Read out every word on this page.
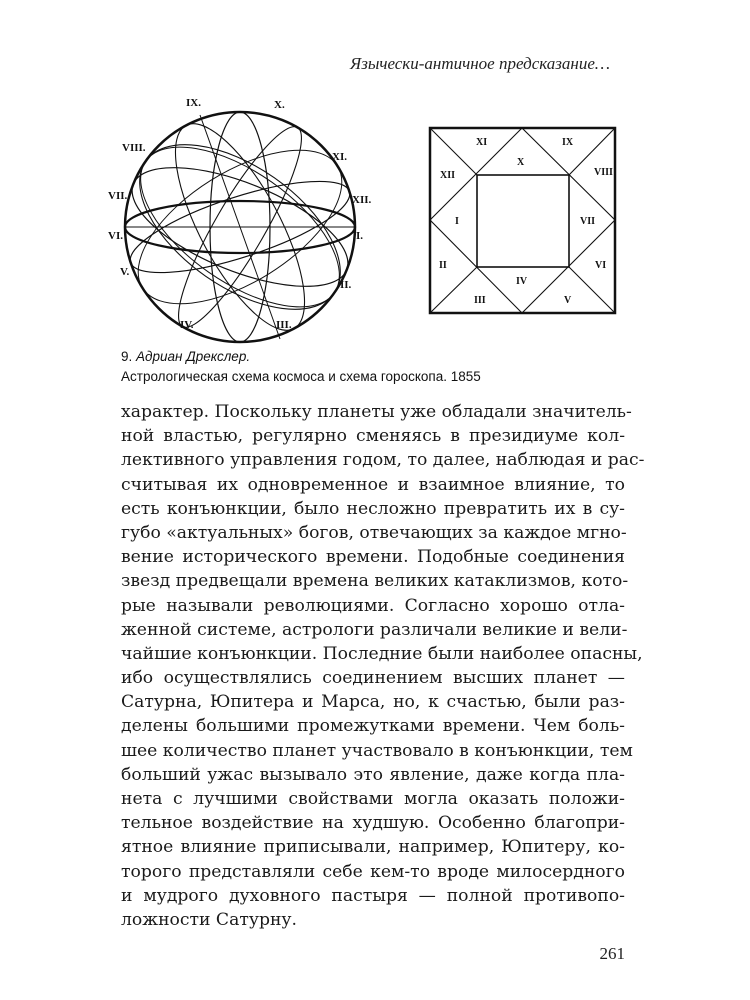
Язычески-античное предсказание…
IX.	X.
VIII.
XI.
VII.	XII.
VI.	I.
V.
II.
IV.	III.
XI	IX
XII
X
VIII
I	VII
II	VI
IV
III	V
9. Адриан Дрекслер.
Астрологическая схема космоса и схема гороскопа. 1855
характер. Поскольку планеты уже обладали значитель-
ной властью, регулярно сменяясь в президиуме кол-
лективного управления годом, то далее, наблюдая и рас-
считывая их одновременное и взаимное влияние, то
есть конъюнкции, было несложно превратить их в су-
губо «актуальных» богов, отвечающих за каждое мгно-
вение исторического времени. Подобные соединения
звезд предвещали времена великих катаклизмов, кото-
рые называли революциями. Согласно хорошо отла-
женной системе, астрологи различали великие и вели-
чайшие конъюнкции. Последние были наиболее опасны,
ибо осуществлялись соединением высших планет —
Сатурна, Юпитера и Марса, но, к счастью, были раз-
делены большими промежутками времени. Чем боль-
шее количество планет участвовало в конъюнкции, тем
больший ужас вызывало это явление, даже когда пла-
нета с лучшими свойствами могла оказать положи-
тельное воздействие на худшую. Особенно благопри-
ятное влияние приписывали, например, Юпитеру, ко-
торого представляли себе кем-то вроде милосердного
и мудрого духовного пастыря — полной противопо-
ложности Сатурну.
261
